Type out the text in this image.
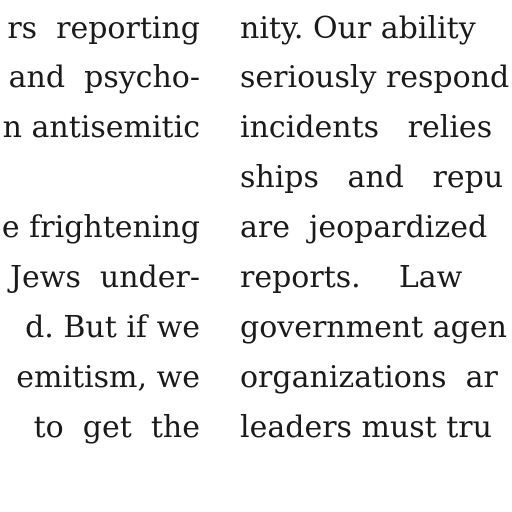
rs  reporting
and  psycho-
n antisemitic
e frightening
Jews  under-
d. But if we
emitism, we
to  get  the
nity. Our ability
seriously respond
incidents   relies
ships   and   repu
are  jeopardized
reports.    Law
government agen
organizations  ar
leaders must tru
